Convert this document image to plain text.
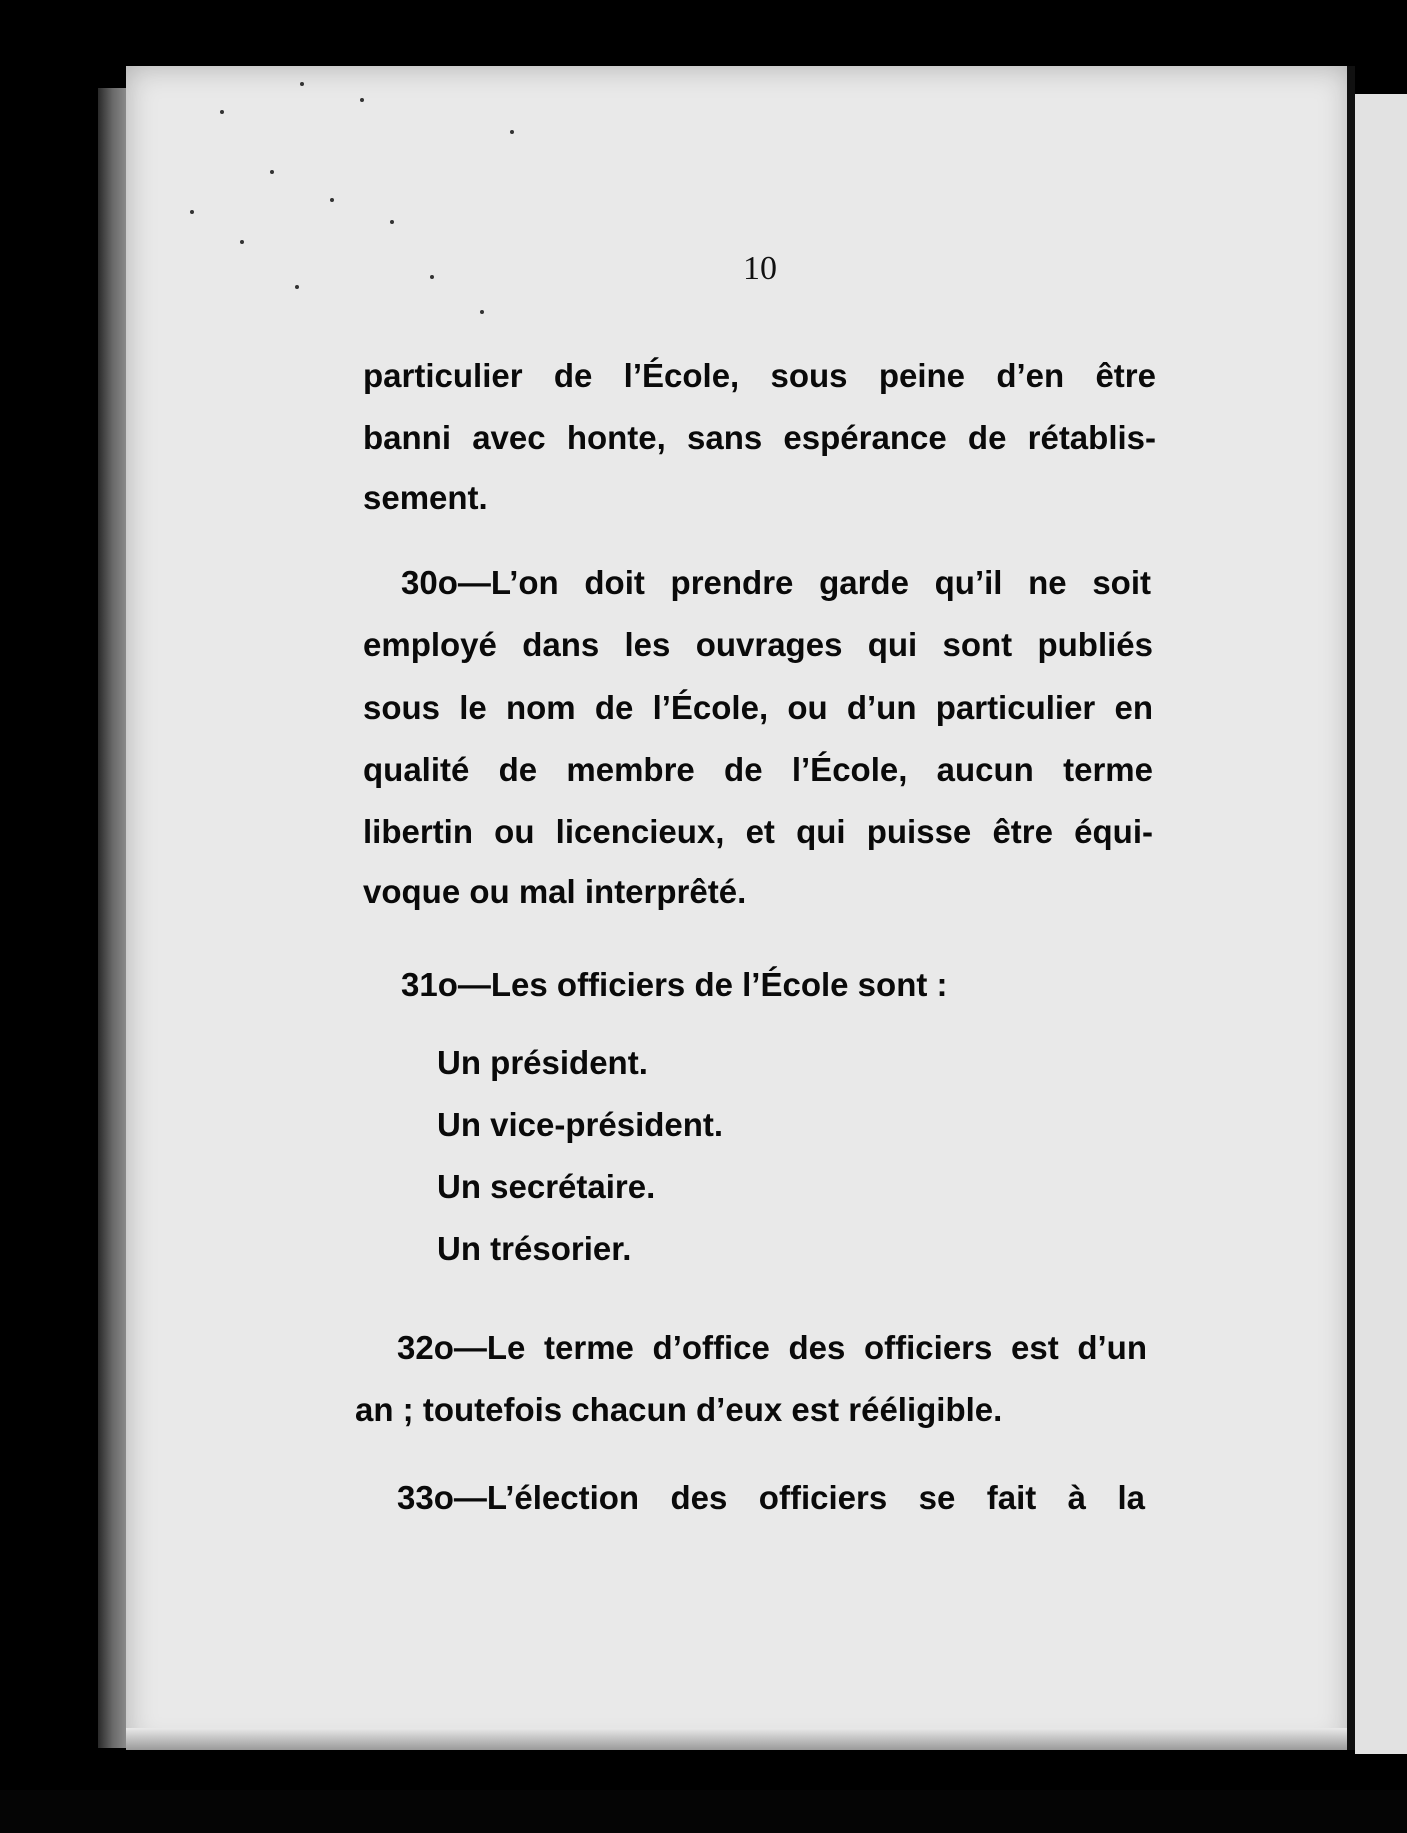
10
particulier de l’École, sous peine d’en être
banni avec honte, sans espérance de rétablis-
sement.
30o—L’on doit prendre garde qu’il ne soit
employé dans les ouvrages qui sont publiés
sous le nom de l’École, ou d’un particulier en
qualité de membre de l’École, aucun terme
libertin ou licencieux, et qui puisse être équi-
voque ou mal interprêté.
31o—Les officiers de l’École sont :
Un président.
Un vice-président.
Un secrétaire.
Un trésorier.
32o—Le terme d’office des officiers est d’un
an ; toutefois chacun d’eux est rééligible.
33o—L’élection des officiers se fait à la
